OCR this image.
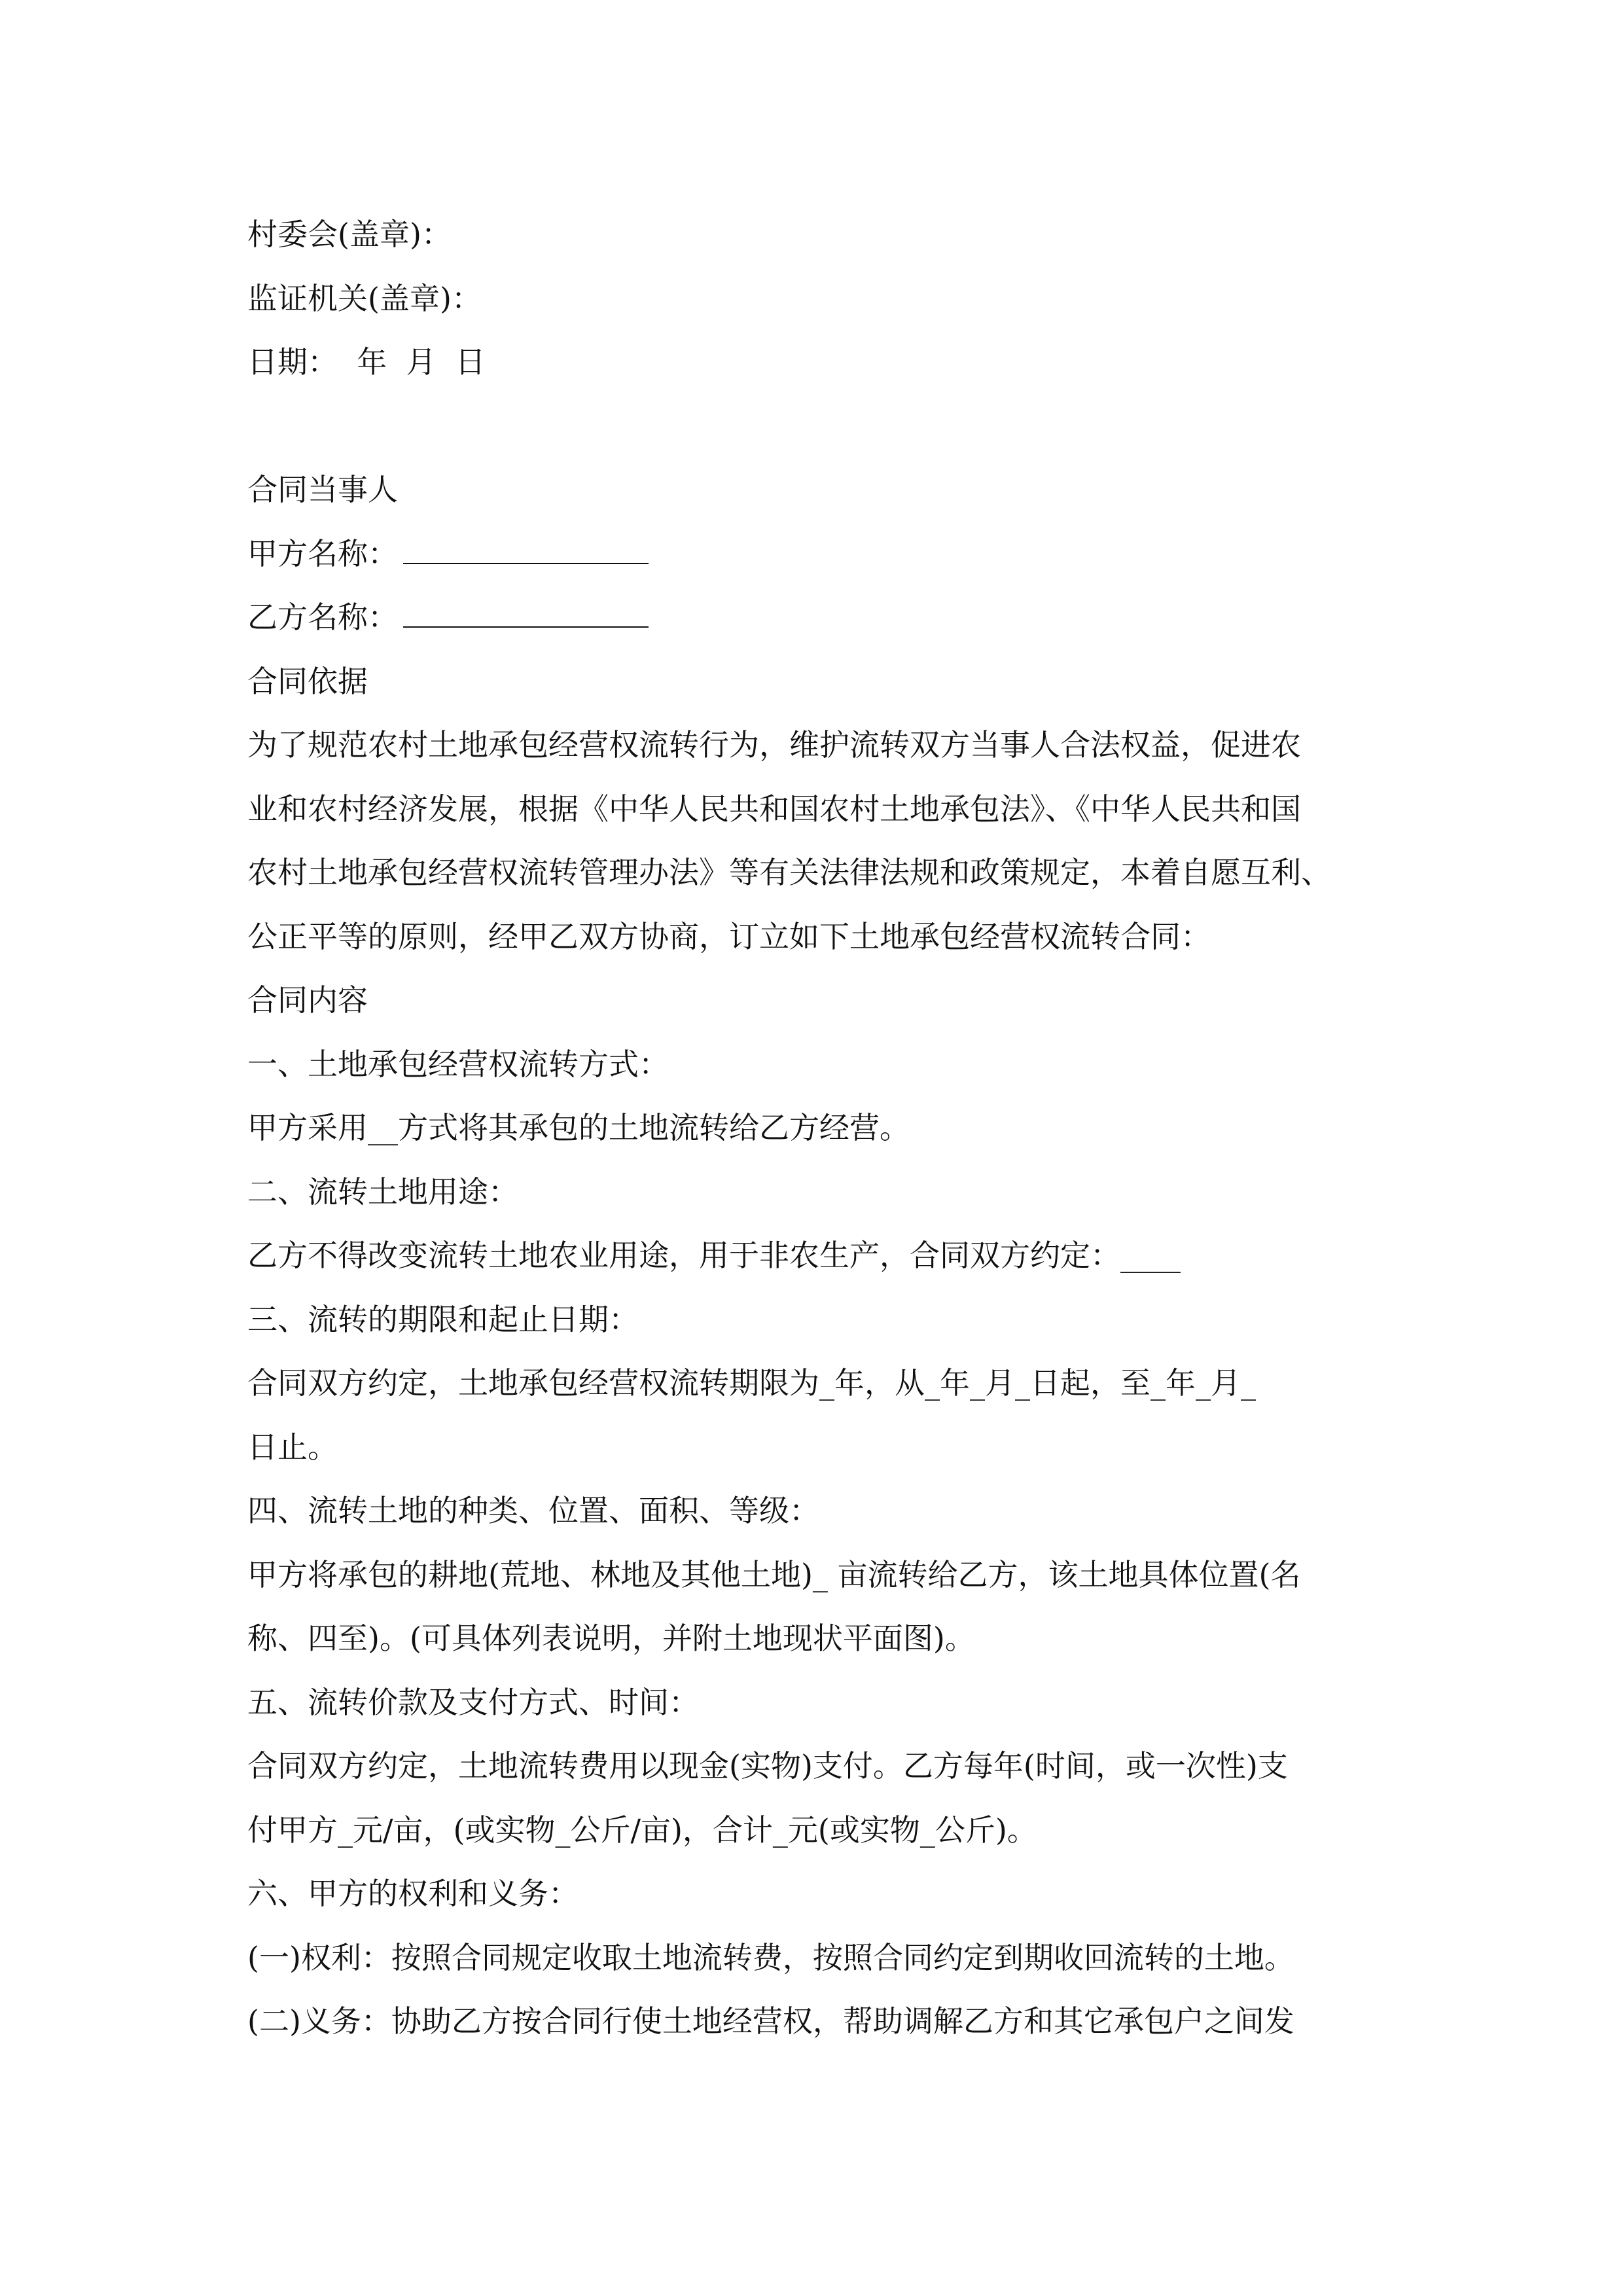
村委会(盖章)：
监证机关(盖章)：
日期：  年  月  日
合同当事人
甲方名称：
乙方名称：
合同依据
为了规范农村土地承包经营权流转行为，维护流转双方当事人合法权益，促进农
业和农村经济发展，根据《中华人民共和国农村土地承包法》、《中华人民共和国
农村土地承包经营权流转管理办法》等有关法律法规和政策规定，本着自愿互利、
公正平等的原则，经甲乙双方协商，订立如下土地承包经营权流转合同：
合同内容
一、土地承包经营权流转方式：
甲方采用__方式将其承包的土地流转给乙方经营。
二、流转土地用途：
乙方不得改变流转土地农业用途，用于非农生产，合同双方约定：____
三、流转的期限和起止日期：
合同双方约定，土地承包经营权流转期限为_年，从_年_月_日起，至_年_月_
日止。
四、流转土地的种类、位置、面积、等级：
甲方将承包的耕地(荒地、林地及其他土地)_ 亩流转给乙方，该土地具体位置(名
称、四至)。(可具体列表说明，并附土地现状平面图)。
五、流转价款及支付方式、时间：
合同双方约定，土地流转费用以现金(实物)支付。乙方每年(时间，或一次性)支
付甲方_元/亩，(或实物_公斤/亩)，合计_元(或实物_公斤)。
六、甲方的权利和义务：
(一)权利：按照合同规定收取土地流转费，按照合同约定到期收回流转的土地。
(二)义务：协助乙方按合同行使土地经营权，帮助调解乙方和其它承包户之间发
